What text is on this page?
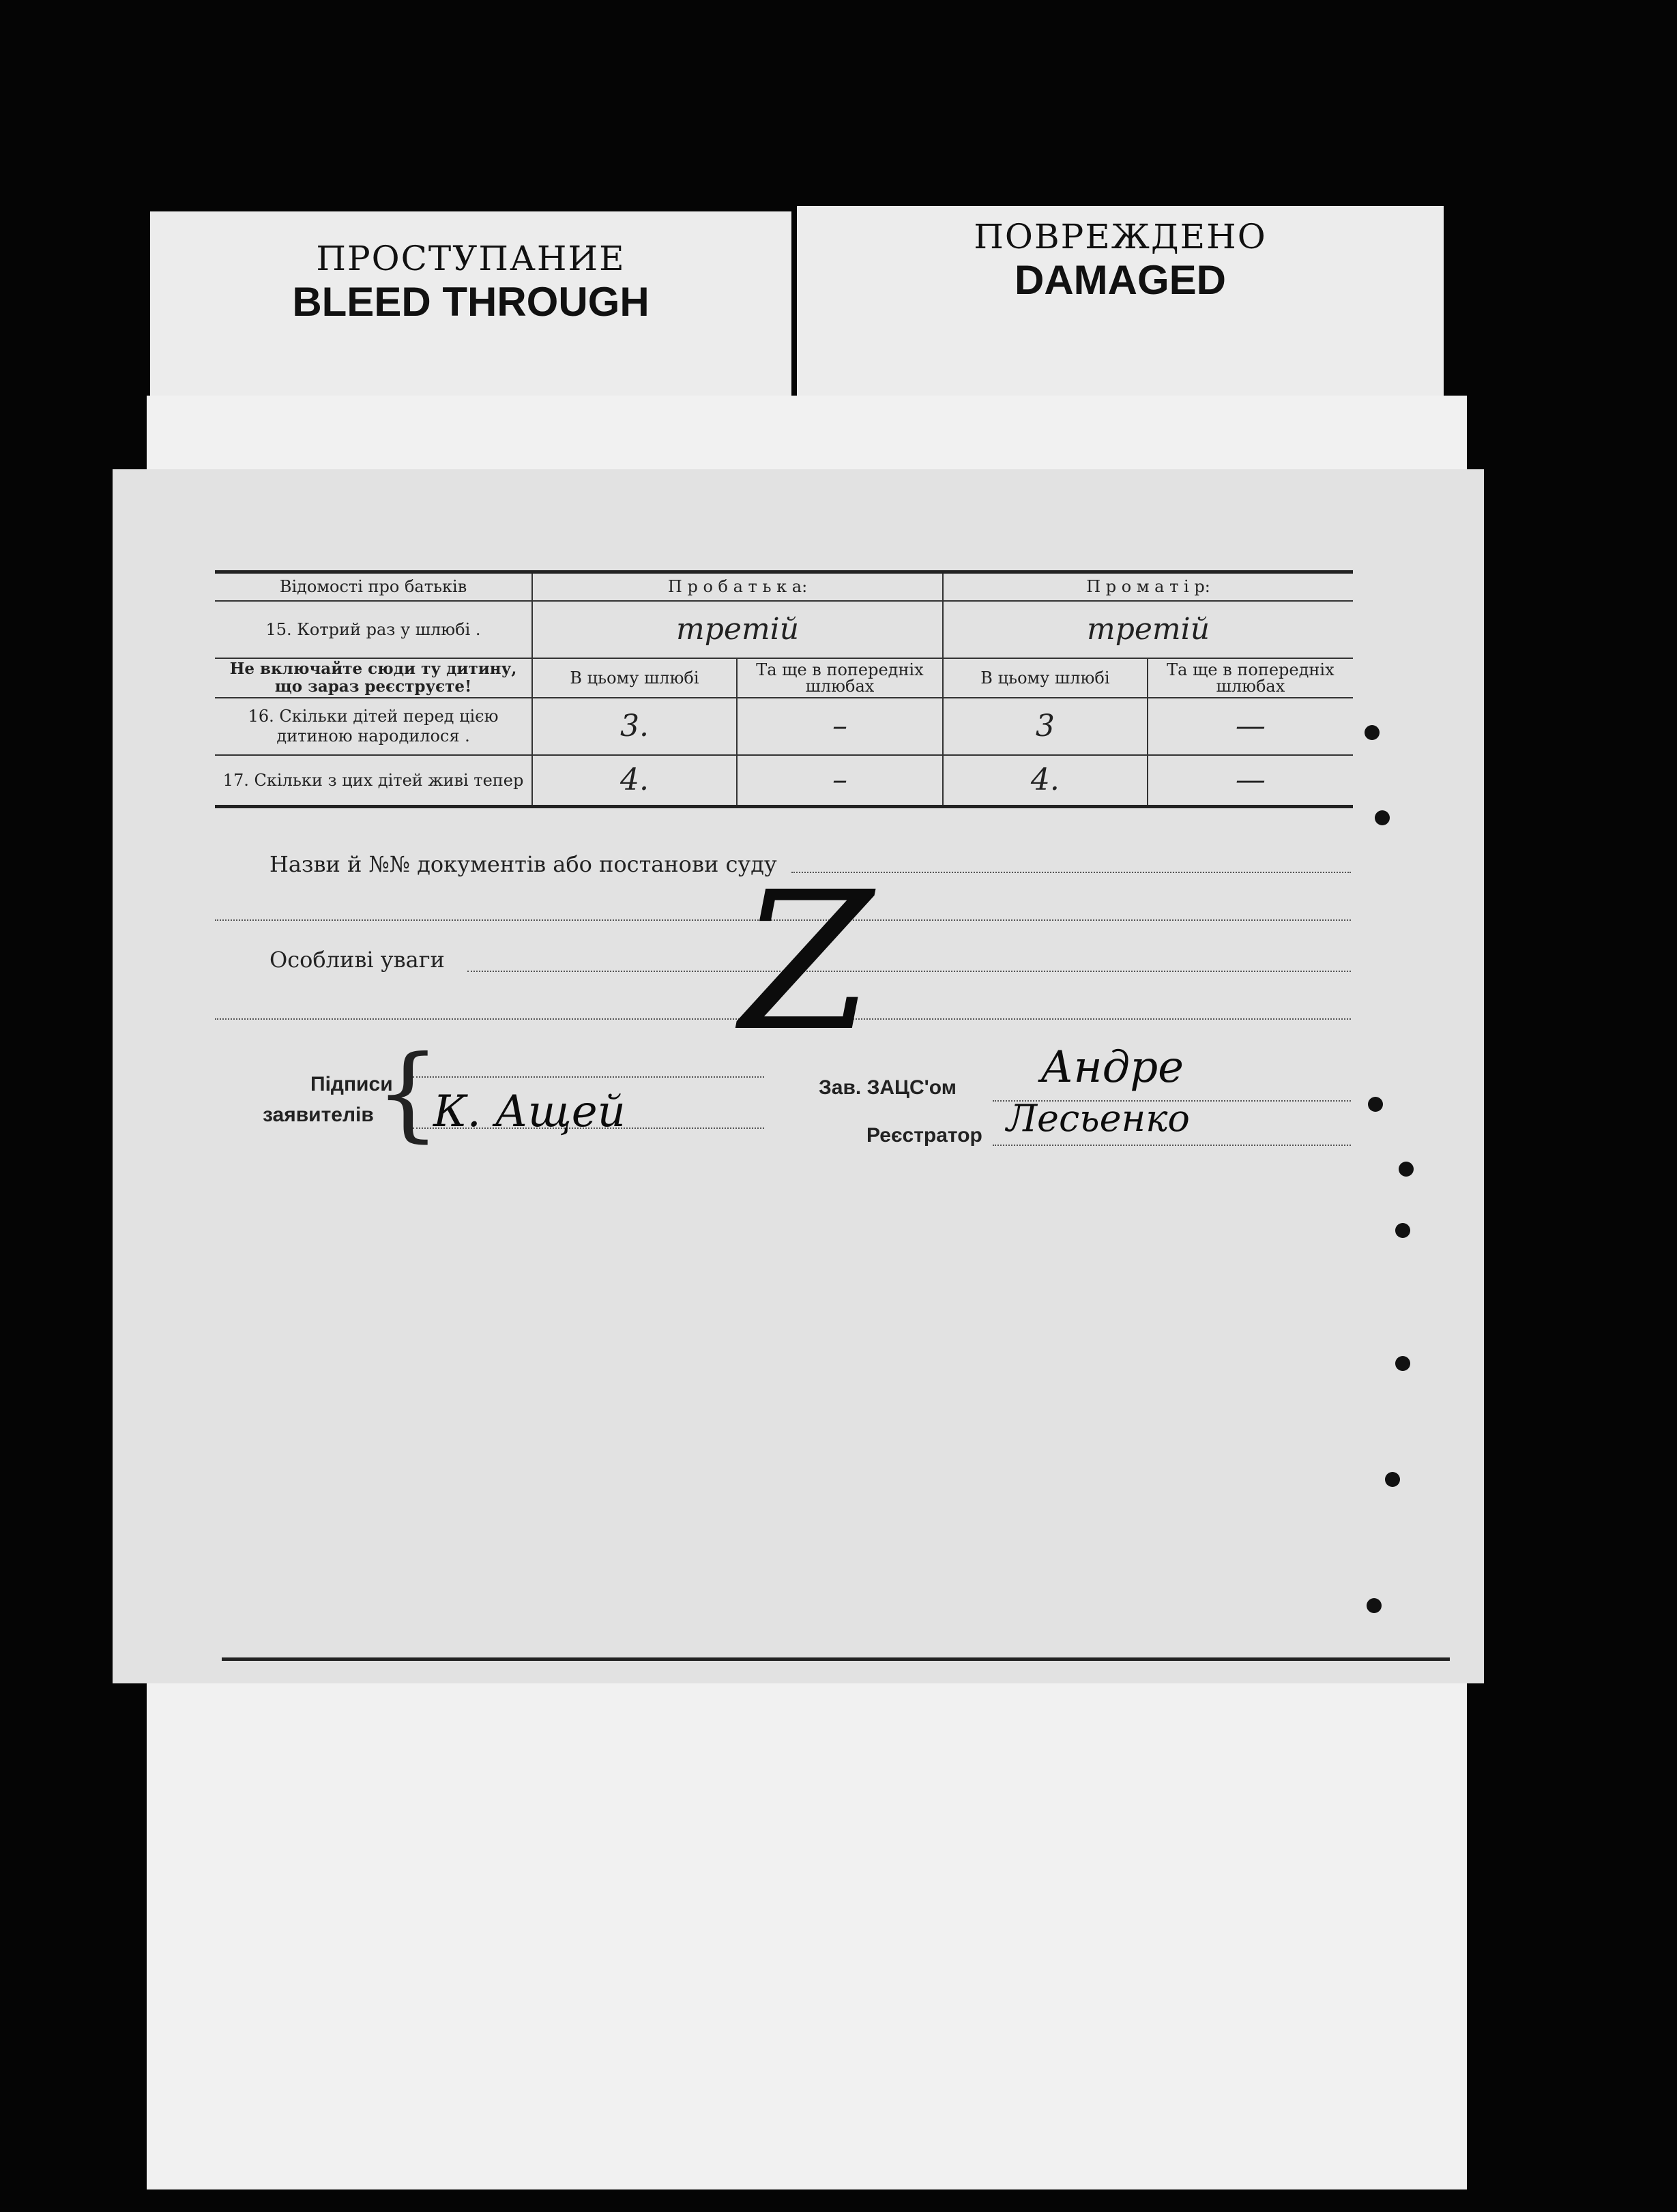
ПРОСТУПАНИЕ
BLEED THROUGH
ПОВРЕЖДЕНО
DAMAGED
Відомості про батьків	П р о б а т ь к а:		П р о м а т і р:	
15. Котрий раз у шлюбі .	третій		третій	
Не включайте сюди ту дитину, що зараз реєструєте!	В цьому шлюбі	Та ще в попередніх шлюбах	В цьому шлюбі	Та ще в попередніх шлюбах
16. Скільки дітей перед цією дитиною народилося .	3.	–	3	—
17. Скільки з цих дітей живі тепер	4.	–	4.	—
Назви й №№ документів або постанови суду
Особливі уваги Z
Підписи
заявителів {
К. Ащей	Зав. ЗАЦС'ом Андре
Реєстратор Лесьенко
